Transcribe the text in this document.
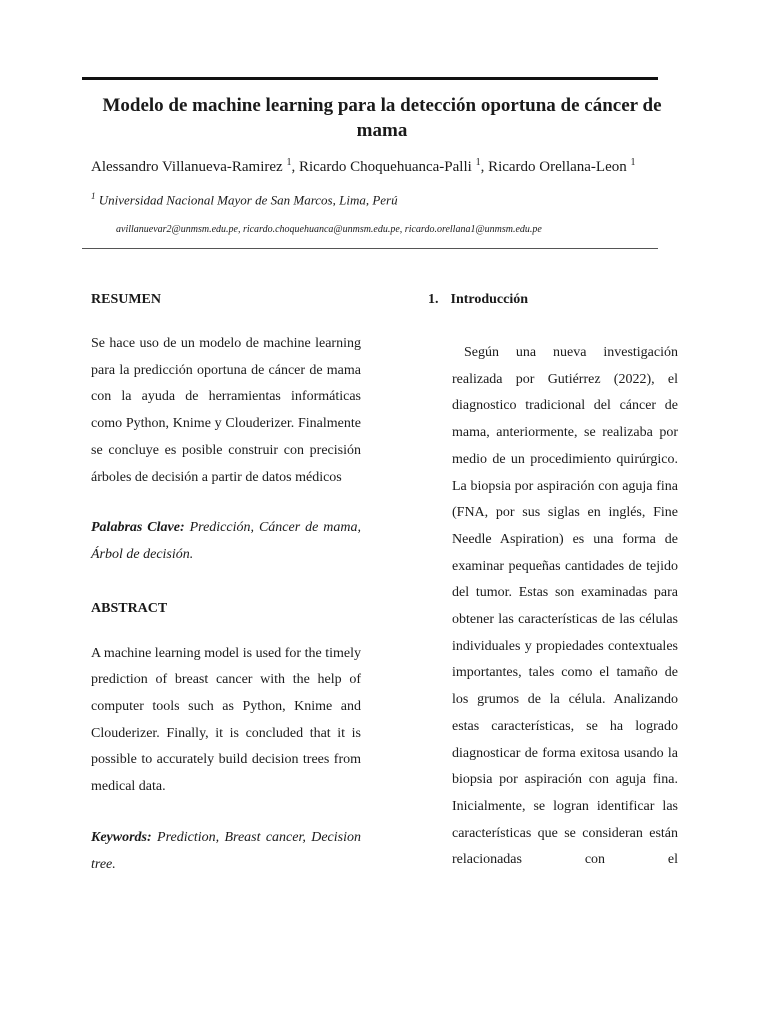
Modelo de machine learning para la detección oportuna de cáncer de mama
Alessandro Villanueva-Ramirez $^1$, Ricardo Choquehuanca-Palli $^1$, Ricardo Orellana-Leon $^1$
$^1$ Universidad Nacional Mayor de San Marcos, Lima, Perú
avillanuevar2@unmsm.edu.pe, ricardo.choquehuanca@unmsm.edu.pe, ricardo.orellana1@unmsm.edu.pe
RESUMEN

Se hace uso de un modelo de machine learning para la predicción oportuna de cáncer de mama con la ayuda de herramientas informáticas como Python, Knime y Clouderizer. Finalmente se concluye es posible construir con precisión árboles de decisión a partir de datos médicos

Palabras Clave: Predicción, Cáncer de mama, Árbol de decisión.

ABSTRACT

A machine learning model is used for the timely prediction of breast cancer with the help of computer tools such as Python, Knime and Clouderizer. Finally, it is concluded that it is possible to accurately build decision trees from medical data.

Keywords: Prediction, Breast cancer, Decision tree.

1. Introducción

Según una nueva investigación realizada por Gutiérrez (2022), el diagnostico tradicional del cáncer de mama, anteriormente, se realizaba por medio de un procedimiento quirúrgico. La biopsia por aspiración con aguja fina (FNA, por sus siglas en inglés, Fine Needle Aspiration) es una forma de examinar pequeñas cantidades de tejido del tumor. Estas son examinadas para obtener las características de las células individuales y propiedades contextuales importantes, tales como el tamaño de los grumos de la célula. Analizando estas características, se ha logrado diagnosticar de forma exitosa usando la biopsia por aspiración con aguja fina. Inicialmente, se logran identificar las características que se consideran están relacionadas con el
